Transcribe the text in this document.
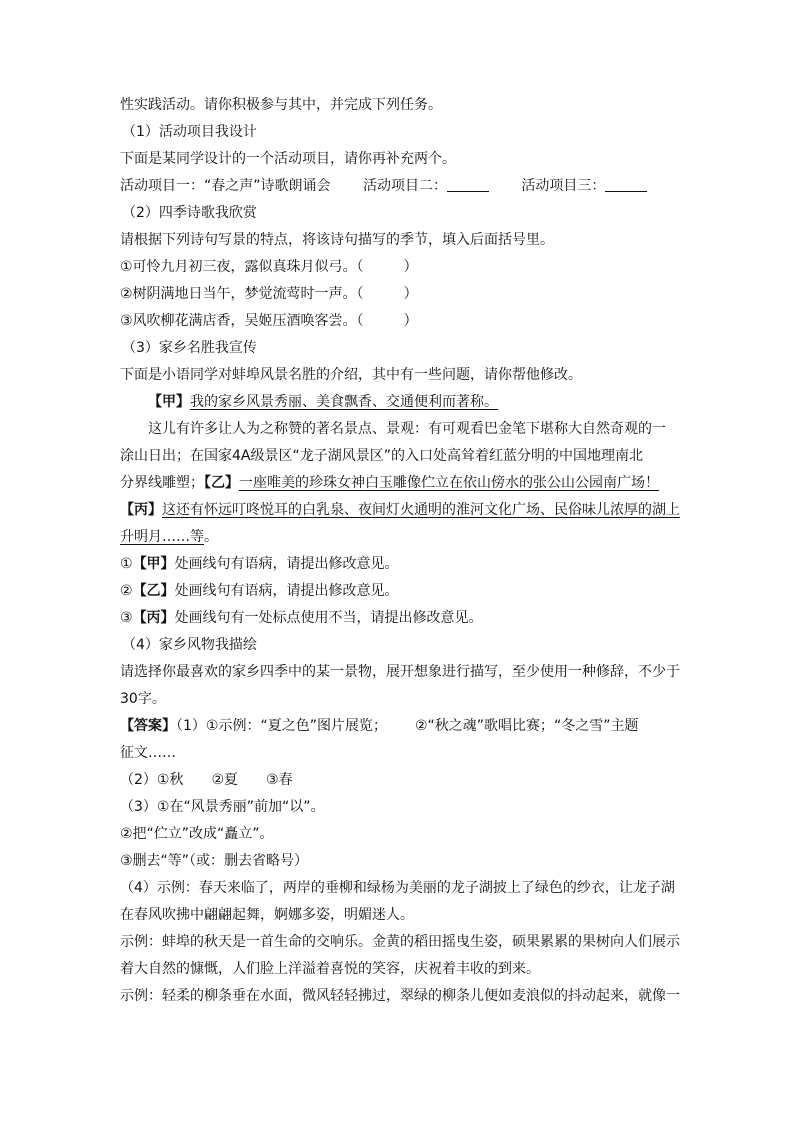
性实践活动。请你积极参与其中，并完成下列任务。
（1）活动项目我设计
下面是某同学设计的一个活动项目，请你再补充两个。
活动项目一：“春之声”诗歌朗诵会 活动项目二：	活动项目三：
（2）四季诗歌我欣赏
请根据下列诗句写景的特点，将该诗句描写的季节，填入后面括号里。
①可怜九月初三夜，露似真珠月似弓。（	）
②树阴满地日当午，梦觉流莺时一声。（	）
③风吹柳花满店香，吴姬压酒唤客尝。（	）
（3）家乡名胜我宣传
下面是小语同学对蚌埠风景名胜的介绍，其中有一些问题，请你帮他修改。
【甲】我的家乡风景秀丽、美食飘香、交通便利而著称。
这儿有许多让人为之称赞的著名景点、景观：有可观看巴金笔下堪称大自然奇观的一
涂山日出；在国家4A级景区“龙子湖风景区”的入口处高耸着红蓝分明的中国地理南北
分界线雕塑；【乙】一座唯美的珍珠女神白玉雕像伫立在依山傍水的张公山公园南广场！
【丙】这还有怀远叮咚悦耳的白乳泉、夜间灯火通明的淮河文化广场、民俗味儿浓厚的湖上
升明月……等。
①【甲】处画线句有语病，请提出修改意见。
②【乙】处画线句有语病，请提出修改意见。
③【丙】处画线句有一处标点使用不当，请提出修改意见。
（4）家乡风物我描绘
请选择你最喜欢的家乡四季中的某一景物，展开想象进行描写，至少使用一种修辞，不少于
30字。
【答案】（1）①示例：“夏之色”图片展览； ②“秋之魂”歌唱比赛；“冬之雪”主题
征文……
（2）①秋 ②夏 ③春
（3）①在“风景秀丽”前加“以”。
②把“伫立”改成“矗立”。
③删去“等”（或：删去省略号）
（4）示例：春天来临了，两岸的垂柳和绿杨为美丽的龙子湖披上了绿色的纱衣，让龙子湖
在春风吹拂中翩翩起舞，婀娜多姿，明媚迷人。
示例：蚌埠的秋天是一首生命的交响乐。金黄的稻田摇曳生姿，硕果累累的果树向人们展示
着大自然的慷慨，人们脸上洋溢着喜悦的笑容，庆祝着丰收的到来。
示例：轻柔的柳条垂在水面，微风轻轻拂过，翠绿的柳条儿便如麦浪似的抖动起来，就像一
